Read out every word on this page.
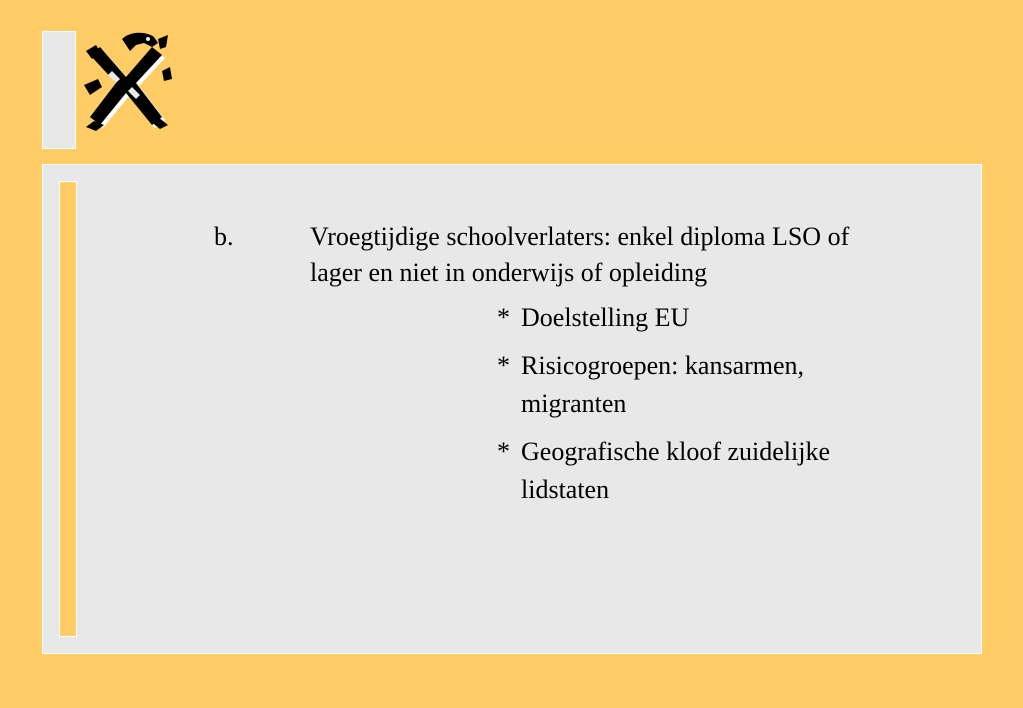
b.	Vroegtijdige schoolverlaters: enkel diploma LSO of lager en niet in onderwijs of opleiding
* Doelstelling EU
* Risicogroepen: kansarmen, migranten
* Geografische kloof zuidelijke lidstaten
